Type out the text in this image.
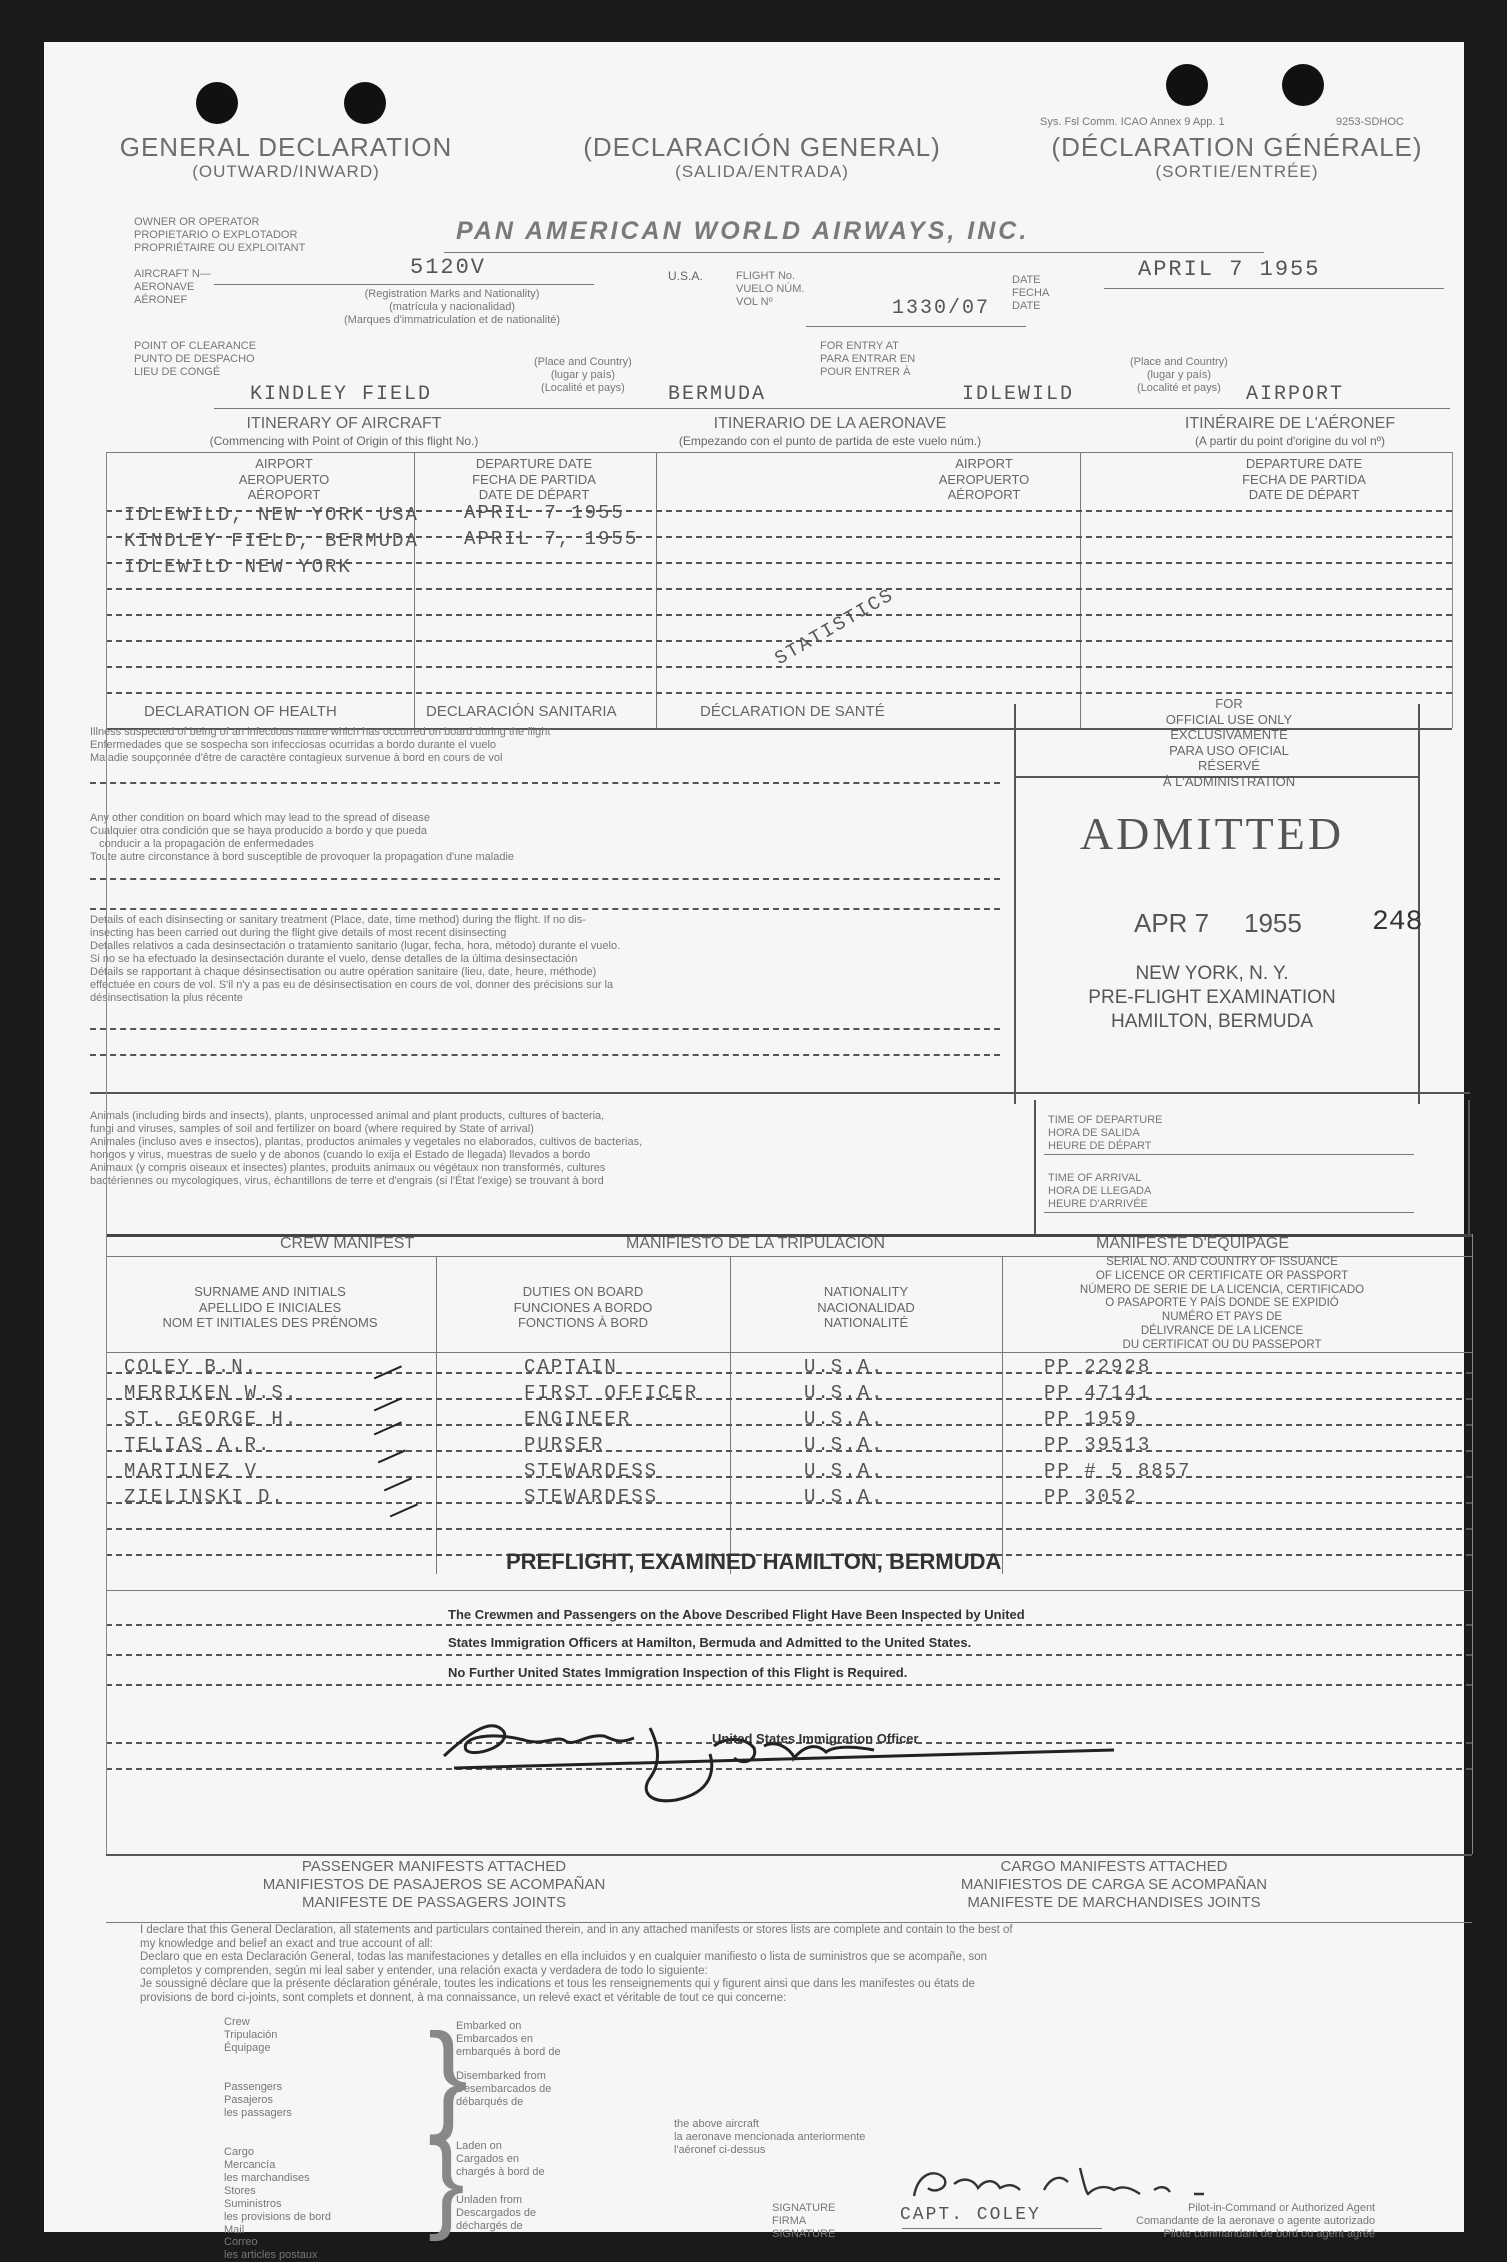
Sys. Fsl Comm. ICAO Annex 9 App. 1	9253-SDHOC
GENERAL DECLARATION
(OUTWARD/INWARD)
(DECLARACIÓN GENERAL)
(SALIDA/ENTRADA)
(DÉCLARATION GÉNÉRALE)
(SORTIE/ENTRÉE)
OWNER OR OPERATOR
PROPIETARIO O EXPLOTADOR
PROPRIÉTAIRE OU EXPLOITANT
PAN AMERICAN WORLD AIRWAYS, INC.
AIRCRAFT N—
AERONAVE
AÉRONEF
5120V
(Registration Marks and Nationality)
(matrícula y nacionalidad)
(Marques d'immatriculation et de nationalité)
U.S.A.	FLIGHT No.
VUELO NÚM.
VOL Nº	1330/07
DATE
FECHA
DATE
APRIL 7 1955
POINT OF CLEARANCE
PUNTO DE DESPACHO
LIEU DE CONGÉ
(Place and Country)
(lugar y país)
(Localité et pays)
KINDLEY FIELD	BERMUDA
FOR ENTRY AT
PARA ENTRAR EN
POUR ENTRER À
(Place and Country)
(lugar y país)
(Localité et pays)
IDLEWILD	AIRPORT
ITINERARY OF AIRCRAFT
(Commencing with Point of Origin of this flight No.)
ITINERARIO DE LA AERONAVE
(Empezando con el punto de partida de este vuelo núm.)
ITINÉRAIRE DE L'AÉRONEF
(A partir du point d'origine du vol nº)
AIRPORT
AEROPUERTO
AÉROPORT
DEPARTURE DATE
FECHA DE PARTIDA
DATE DE DÉPART
AIRPORT
AEROPUERTO
AÉROPORT
DEPARTURE DATE
FECHA DE PARTIDA
DATE DE DÉPART
IDLEWILD, NEW YORK USA APRIL 7 1955
KINDLEY FIELD, BERMUDA APRIL 7, 1955
IDLEWILD NEW YORK
STATISTICS
DECLARATION OF HEALTH	DECLARACIÓN SANITARIA	DÉCLARATION DE SANTÉ
Illness suspected of being of an infectious nature which has occurred on board during the flight
Enfermedades que se sospecha son infecciosas ocurridas a bordo durante el vuelo
Maladie soupçonnée d'être de caractère contagieux survenue à bord en cours de vol
Any other condition on board which may lead to the spread of disease
Cualquier otra condición que se haya producido a bordo y que pueda
conducir a la propagación de enfermedades
Toute autre circonstance à bord susceptible de provoquer la propagation d'une maladie
Details of each disinsecting or sanitary treatment (Place, date, time method) during the flight. If no dis-
insecting has been carried out during the flight give details of most recent disinsecting
Detalles relativos a cada desinsectación o tratamiento sanitario (lugar, fecha, hora, método) durante el vuelo.
Si no se ha efectuado la desinsectación durante el vuelo, dense detalles de la última desinsectación
Détails se rapportant à chaque désinsectisation ou autre opération sanitaire (lieu, date, heure, méthode)
effectuée en cours de vol. S'il n'y a pas eu de désinsectisation en cours de vol, donner des précisions sur la
désinsectisation la plus récente
Animals (including birds and insects), plants, unprocessed animal and plant products, cultures of bacteria,
fungi and viruses, samples of soil and fertilizer on board (where required by State of arrival)
Animales (incluso aves e insectos), plantas, productos animales y vegetales no elaborados, cultivos de bacterias,
hongos y virus, muestras de suelo y de abonos (cuando lo exija el Estado de llegada) llevados a bordo
Animaux (y compris oiseaux et insectes) plantes, produits animaux ou végétaux non transformés, cultures
bactériennes ou mycologiques, virus, échantillons de terre et d'engrais (si l'État l'exige) se trouvant à bord
FOR
OFFICIAL USE ONLY
EXCLUSIVAMENTE
PARA USO OFICIAL
RÉSERVÉ
À L'ADMINISTRATION
ADMITTED
APR 7 1955	248
NEW YORK, N. Y.
PRE-FLIGHT EXAMINATION
HAMILTON, BERMUDA
TIME OF DEPARTURE
HORA DE SALIDA
HEURE DE DÉPART
TIME OF ARRIVAL
HORA DE LLEGADA
HEURE D'ARRIVÉE
CREW MANIFEST	MANIFIESTO DE LA TRIPULACIÓN	MANIFESTE D'ÉQUIPAGE
SURNAME AND INITIALS
APELLIDO E INICIALES
NOM ET INITIALES DES PRÉNOMS
DUTIES ON BOARD
FUNCIONES A BORDO
FONCTIONS À BORD
NATIONALITY
NACIONALIDAD
NATIONALITÉ
SERIAL NO. AND COUNTRY OF ISSUANCE
OF LICENCE OR CERTIFICATE OR PASSPORT
NÚMERO DE SERIE DE LA LICENCIA, CERTIFICADO
O PASAPORTE Y PAÍS DONDE SE EXPIDIÓ
NUMÉRO ET PAYS DE
DÉLIVRANCE DE LA LICENCE
DU CERTIFICAT OU DU PASSEPORT
COLEY B.N.	CAPTAIN	U.S.A.	PP 22928
MERRIKEN W.S.	FIRST OFFICER	U.S.A.	PP 47141
ST. GEORGE H.	ENGINEER	U.S.A.	PP 1959
TELIAS A.R.	PURSER	U.S.A.	PP 39513
MARTINEZ V	STEWARDESS	U.S.A.	PP # 5 8857
ZIELINSKI D.	STEWARDESS	U.S.A.	PP 3052
PREFLIGHT, EXAMINED HAMILTON, BERMUDA
The Crewmen and Passengers on the Above Described Flight Have Been Inspected by United
States Immigration Officers at Hamilton, Bermuda and Admitted to the United States.
No Further United States Immigration Inspection of this Flight is Required.
United States Immigration Officer
PASSENGER MANIFESTS ATTACHED
MANIFIESTOS DE PASAJEROS SE ACOMPAÑAN
MANIFESTE DE PASSAGERS JOINTS
CARGO MANIFESTS ATTACHED
MANIFIESTOS DE CARGA SE ACOMPAÑAN
MANIFESTE DE MARCHANDISES JOINTS
I declare that this General Declaration, all statements and particulars contained therein, and in any attached manifests or stores lists are complete and contain to the best of
my knowledge and belief an exact and true account of all:
Declaro que en esta Declaración General, todas las manifestaciones y detalles en ella incluidos y en cualquier manifiesto o lista de suministros que se acompañe, son
completos y comprenden, según mi leal saber y entender, una relación exacta y verdadera de todo lo siguiente:
Je soussigné déclare que la présente déclaration générale, toutes les indications et tous les renseignements qui y figurent ainsi que dans les manifestes ou états de
provisions de bord ci-joints, sont complets et donnent, à ma connaissance, un relevé exact et véritable de tout ce qui concerne:
Crew
Tripulación
Équipage

Passengers
Pasajeros
les passagers

Cargo
Mercancía
les marchandises
Stores
Suministros
les provisions de bord
Mail
Correo
les articles postaux
Embarked on
Embarcados en
embarqués à bord de
Disembarked from
Desembarcados de
débarqués de
Laden on
Cargados en
chargés à bord de
Unladen from
Descargados de
déchargés de
the above aircraft
la aeronave mencionada anteriormente
l'aéronef ci-dessus
}
}	SIGNATURE
FIRMA
SIGNATURE
CAPT. COLEY	Pilot-in-Command or Authorized Agent
Comandante de la aeronave o agente autorizado
Pilote commandant de bord ou agent agréé
